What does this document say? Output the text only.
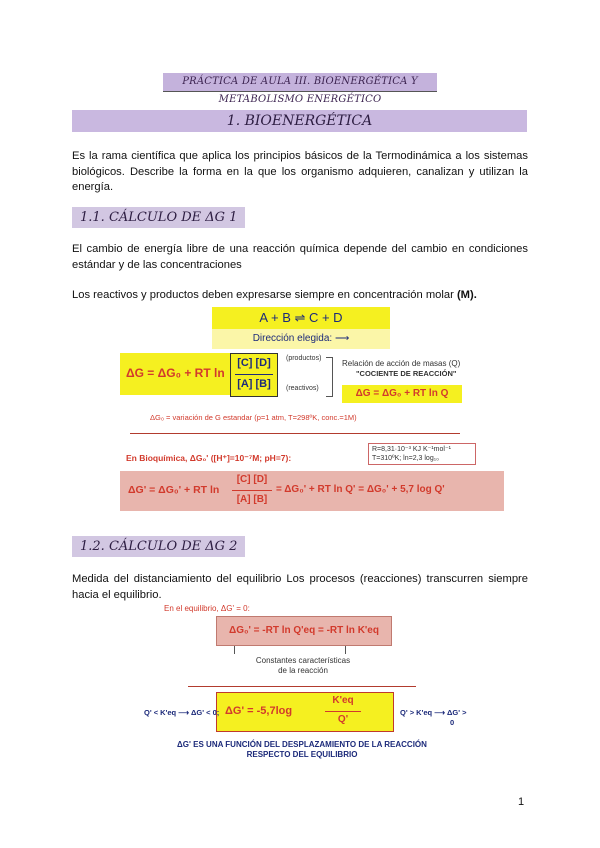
PRÁCTICA DE AULA III. BIOENERGÉTICA Y METABOLISMO ENERGÉTICO
1. BIOENERGÉTICA
Es la rama científica que aplica los principios básicos de la Termodinámica a los sistemas biológicos. Describe la forma en la que los organismo adquieren, canalizan y utilizan la energía.
1.1. CÁLCULO DE ΔG 1
El cambio de energía libre de una reacción química depende del cambio en condiciones estándar y de las concentraciones
Los reactivos y productos deben expresarse siempre en concentración molar (M).
A + B ⇌ C + D
Dirección elegida: ⟶
ΔG = ΔG₀ + RT ln
[C] [D]
[A] [B]
(productos)
(reactivos)
Relación de acción de masas (Q)
"COCIENTE DE REACCIÓN"
ΔG = ΔG₀ + RT ln Q
ΔG₀ = variación de G estandar (p=1 atm, T=298ºK, conc.=1M)
En Bioquímica, ΔG₀' ([H⁺]=10⁻⁷M; pH=7):
R=8,31·10⁻³ KJ K⁻¹mol⁻¹
T=310ºK; ln=2,3 log₁₀
ΔG' = ΔG₀' + RT ln
[C] [D]
[A] [B]
= ΔG₀' + RT ln Q' = ΔG₀' + 5,7 log Q'
1.2. CÁLCULO DE ΔG 2
Medida del distanciamiento del equilibrio Los procesos (reacciones) transcurren siempre hacia el equilibrio.
En el equilibrio, ΔG' = 0:
ΔG₀' = -RT ln Q'eq = -RT ln K'eq
Constantes características
de la reacción
ΔG' = -5,7log
K'eq
Q'
Q' < K'eq ⟶ ΔG' < 0;	Q' > K'eq ⟶ ΔG' >
0
ΔG' ES UNA FUNCIÓN DEL DESPLAZAMIENTO DE LA REACCIÓN
RESPECTO DEL EQUILIBRIO
1
